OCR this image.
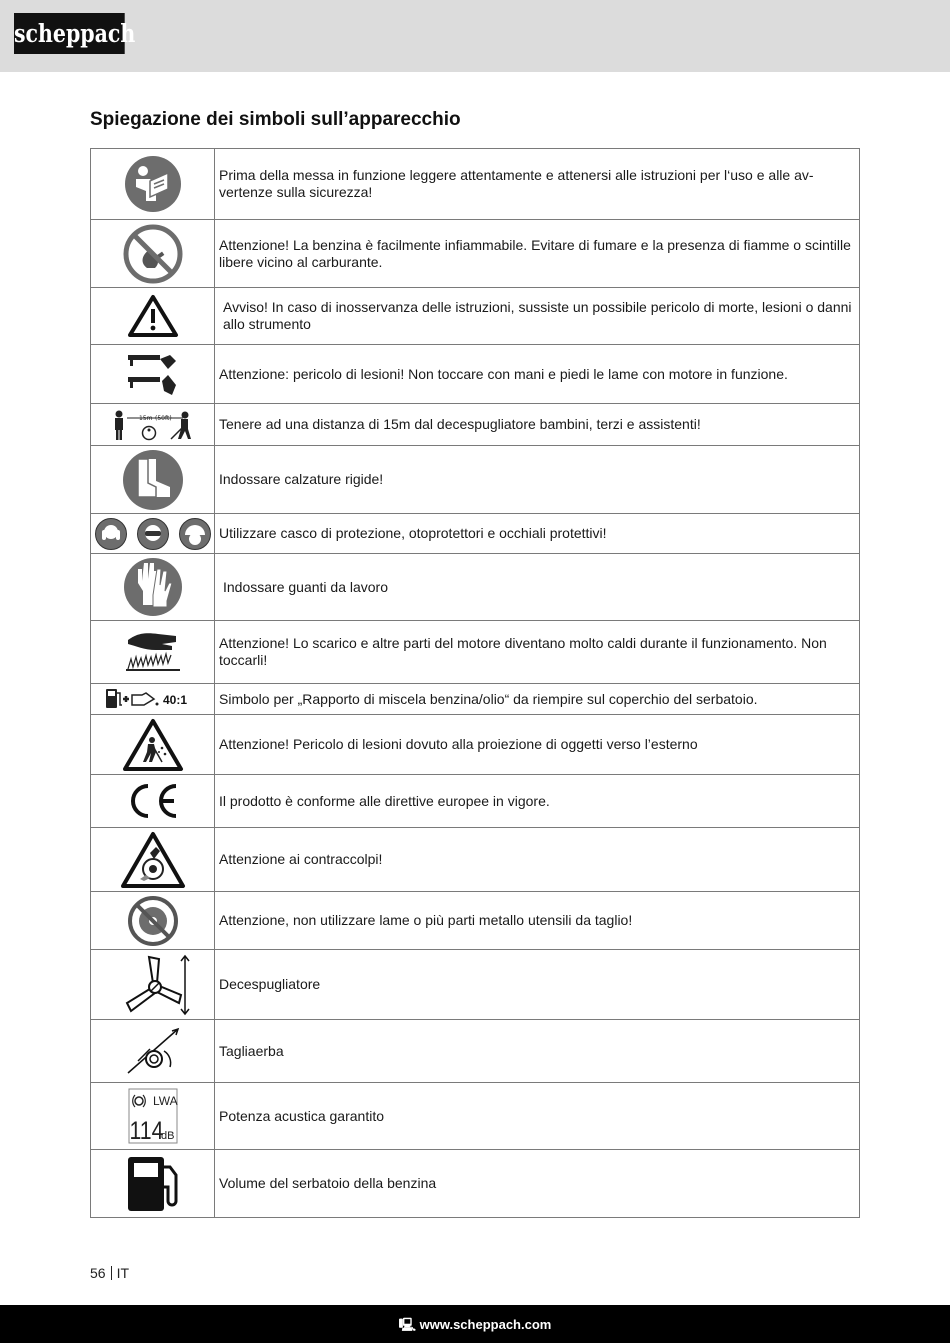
scheppach
Spiegazione dei simboli sull’apparecchio
	Prima della messa in funzione leggere attentamente e attenersi alle istruzioni per l‘uso e alle av-vertenze sulla sicurezza!

	Attenzione! La benzina è facilmente infiammabile. Evitare di fumare e la presenza di fiamme o scintille libere vicino al carburante.

Avviso! In caso di inosservanza delle istruzioni, sussiste un possibile pericolo di morte, lesioni o danni allo strumento

	Attenzione: pericolo di lesioni! Non toccare con mani e piedi le lame con motore in funzione.

15m (50ft)	Tenere ad una distanza di 15m dal decespugliatore bambini, terzi e assistenti!

	Indossare calzature rigide!

	Utilizzare casco di protezione, otoprotettori e occhiali protettivi!

Indossare guanti da lavoro

	Attenzione! Lo scarico e altre parti del motore diventano molto caldi durante il funzionamento. Non toccarli!

40:1	Simbolo per „Rapporto di miscela benzina/olio“ da riempire sul coperchio del serbatoio.

	Attenzione! Pericolo di lesioni dovuto alla proiezione di oggetti verso l’esterno

	Il prodotto è conforme alle direttive europee in vigore.

	Attenzione ai contraccolpi!

	Attenzione, non utilizzare lame o più parti metallo utensili da taglio!

	Decespugliatore

	Tagliaerba

LWA
114
dB	Potenza acustica garantito

	Volume del serbatoio della benzina
56 IT
🖳 www.scheppach.com
